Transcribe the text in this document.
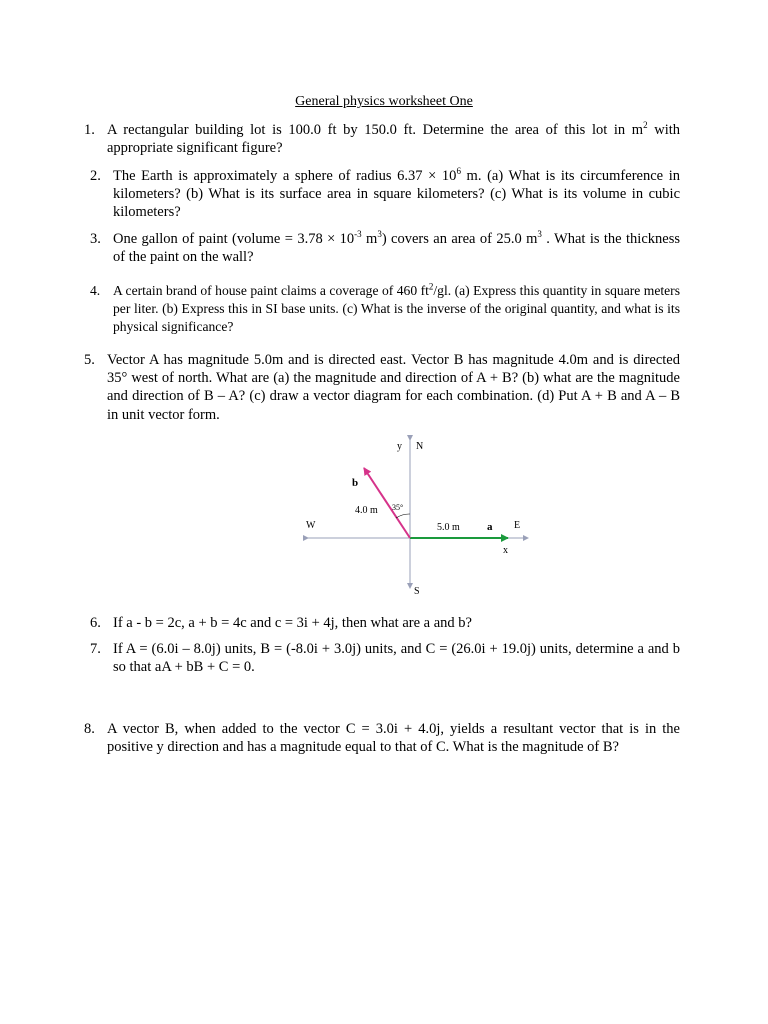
General physics worksheet One
1. A rectangular building lot is 100.0 ft by 150.0 ft. Determine the area of this lot in $m^2$ with appropriate significant figure?
2. The Earth is approximately a sphere of radius $6.37 \times 10^6$ m. (a) What is its circumference in kilometers? (b) What is its surface area in square kilometers? (c) What is its volume in cubic kilometers?
3. One gallon of paint (volume = $3.78 \times 10^{-3}$ $m^3$) covers an area of 25.0 $m^3$ . What is the thickness of the paint on the wall?
4. A certain brand of house paint claims a coverage of 460 $ft^2/gl$. (a) Express this quantity in square meters per liter. (b) Express this in SI base units. (c) What is the inverse of the original quantity, and what is its physical significance?
5. Vector A has magnitude 5.0m and is directed east. Vector B has magnitude 4.0m and is directed 35° west of north. What are (a) the magnitude and direction of A + B? (b) what are the magnitude and direction of B – A? (c) draw a vector diagram for each combination. (d) Put A + B and A – B in unit vector form.
y N
S
W	E
x
b
4.0 m 35°
5.0 m a
6. If a - b = 2c, a + b = 4c and c = 3i + 4j, then what are a and b?
7. If A = (6.0i – 8.0j) units, B = (-8.0i + 3.0j) units, and C = (26.0i + 19.0j) units, determine a and b so that aA + bB + C = 0.
8. A vector B, when added to the vector C = 3.0i + 4.0j, yields a resultant vector that is in the positive y direction and has a magnitude equal to that of C. What is the magnitude of B?
